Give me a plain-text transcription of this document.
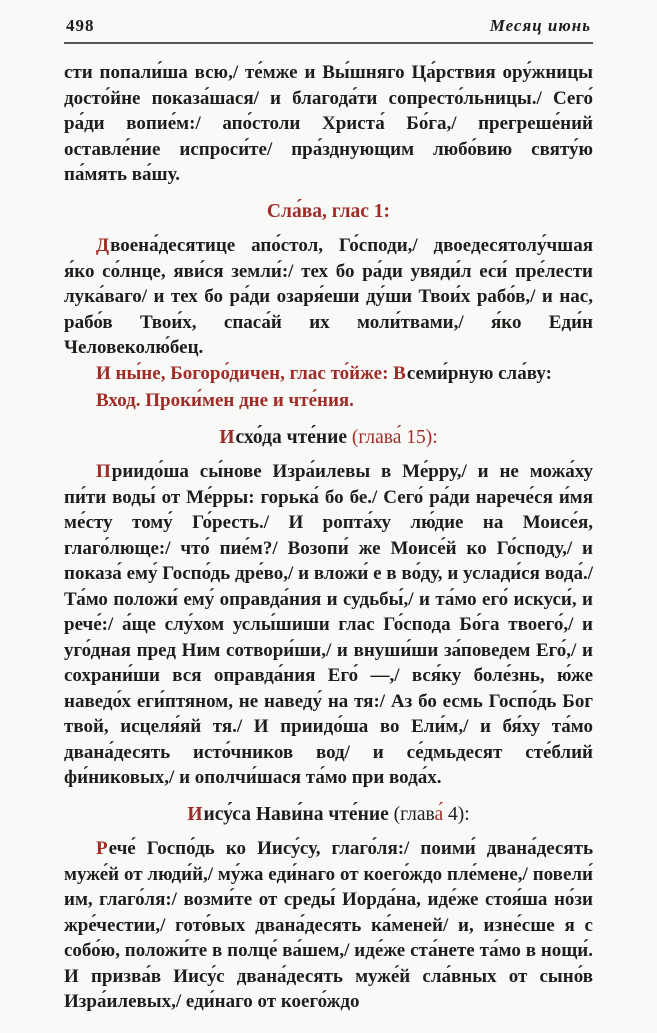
498	Месяц июнь

сти попали́ша всю,/ те́мже и Вы́шняго Ца́рствия ору́жницы досто́йне показа́шася/ и благода́ти сопресто́льницы./ Сего́ ра́ди вопие́м:/ апо́столи Христа́ Бо́га,/ прегреше́ний оставле́ние испроси́те/ пра́зднующим любо́вию святу́ю па́мять ва́шу.

Сла́ва, глас 1:

Двоена́десятице апо́стол, Го́споди,/ двоедесятолу́чшая я́ко со́лнце, яви́ся земли́:/ тех бо ра́ди увяди́л еси́ пре́лести лука́ваго/ и тех бо ра́ди озаря́еши ду́ши Твои́х рабо́в,/ и нас, рабо́в Твои́х, спаса́й их моли́твами,/ я́ко Еди́н Человеколю́бец.

И ны́не, Богоро́дичен, глас то́йже: Всеми́рную сла́ву:

Вход. Проки́мен дне и чте́ния.

Исхо́да чте́ние (глава́ 15):

Приидо́ша сы́нове Изра́илевы в Ме́рру,/ и не можа́ху пи́ти воды́ от Ме́рры: горька́ бо бе./ Сего́ ра́ди нарече́ся и́мя ме́сту тому́ Го́ресть./ И ропта́ху лю́дие на Моисе́я, глаго́люще:/ что́ пие́м?/ Возопи́ же Моисе́й ко Го́споду,/ и показа́ ему́ Госпо́дь дре́во,/ и вложи́ е в во́ду, и услади́ся вода́./ Та́мо положи́ ему́ оправда́ния и судьбы́,/ и та́мо его́ искуси́, и рече́:/ а́ще слу́хом услы́шиши глас Го́спода Бо́га твоего́,/ и уго́дная пред Ним сотвори́ши,/ и внуши́ши за́поведем Его́,/ и сохрани́ши вся оправда́ния Его́ —,/ вся́ку боле́знь, ю́же наведо́х еги́птяном, не наведу́ на тя:/ Аз бо есмь Госпо́дь Бог твой, исцеля́яй тя./ И приидо́ша во Ели́м,/ и бя́ху та́мо двана́десять исто́чников вод/ и се́дмьдесят сте́блий фи́никовых,/ и ополчи́шася та́мо при вода́х.

Иису́са Нави́на чте́ние (глава́ 4):

Рече́ Госпо́дь ко Иису́су, глаго́ля:/ поими́ двана́десять муже́й от люди́й,/ му́жа еди́наго от коего́ждо пле́мене,/ повели́ им, глаго́ля:/ возми́те от среды́ Иорда́на, иде́же стоя́ша но́зи жре́честии,/ гото́вых двана́десять ка́меней/ и, изне́сше я с собо́ю, положи́те в полце́ ва́шем,/ иде́же ста́нете та́мо в нощи́. И призва́в Иису́с двана́десять муже́й сла́вных от сыно́в Изра́илевых,/ еди́наго от коего́ждо
